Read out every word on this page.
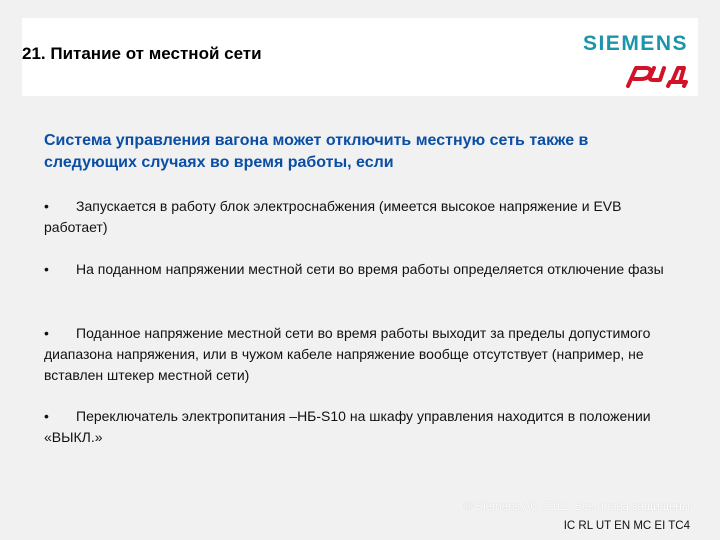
21. Питание от местной сети	SIEMENS
Система управления вагона может отключить местную сеть также в следующих случаях во время работы, если
• Запускается в работу блок электроснабжения (имеется высокое напряжение и EVB работает)
• На поданном напряжении местной сети во время работы определяется отключение фазы
• Поданное напряжение местной сети во время работы выходит за пределы допустимого диапазона напряжения, или в чужом кабеле напряжение вообще отсутствует (например, не вставлен штекер местной сети)
• Переключатель электропитания –НБ-S10 на шкафу управления находится в положении «ВЫКЛ.»
© Siemens AG 2012. Все права защищены
IC RL UT EN MC EI TC4
